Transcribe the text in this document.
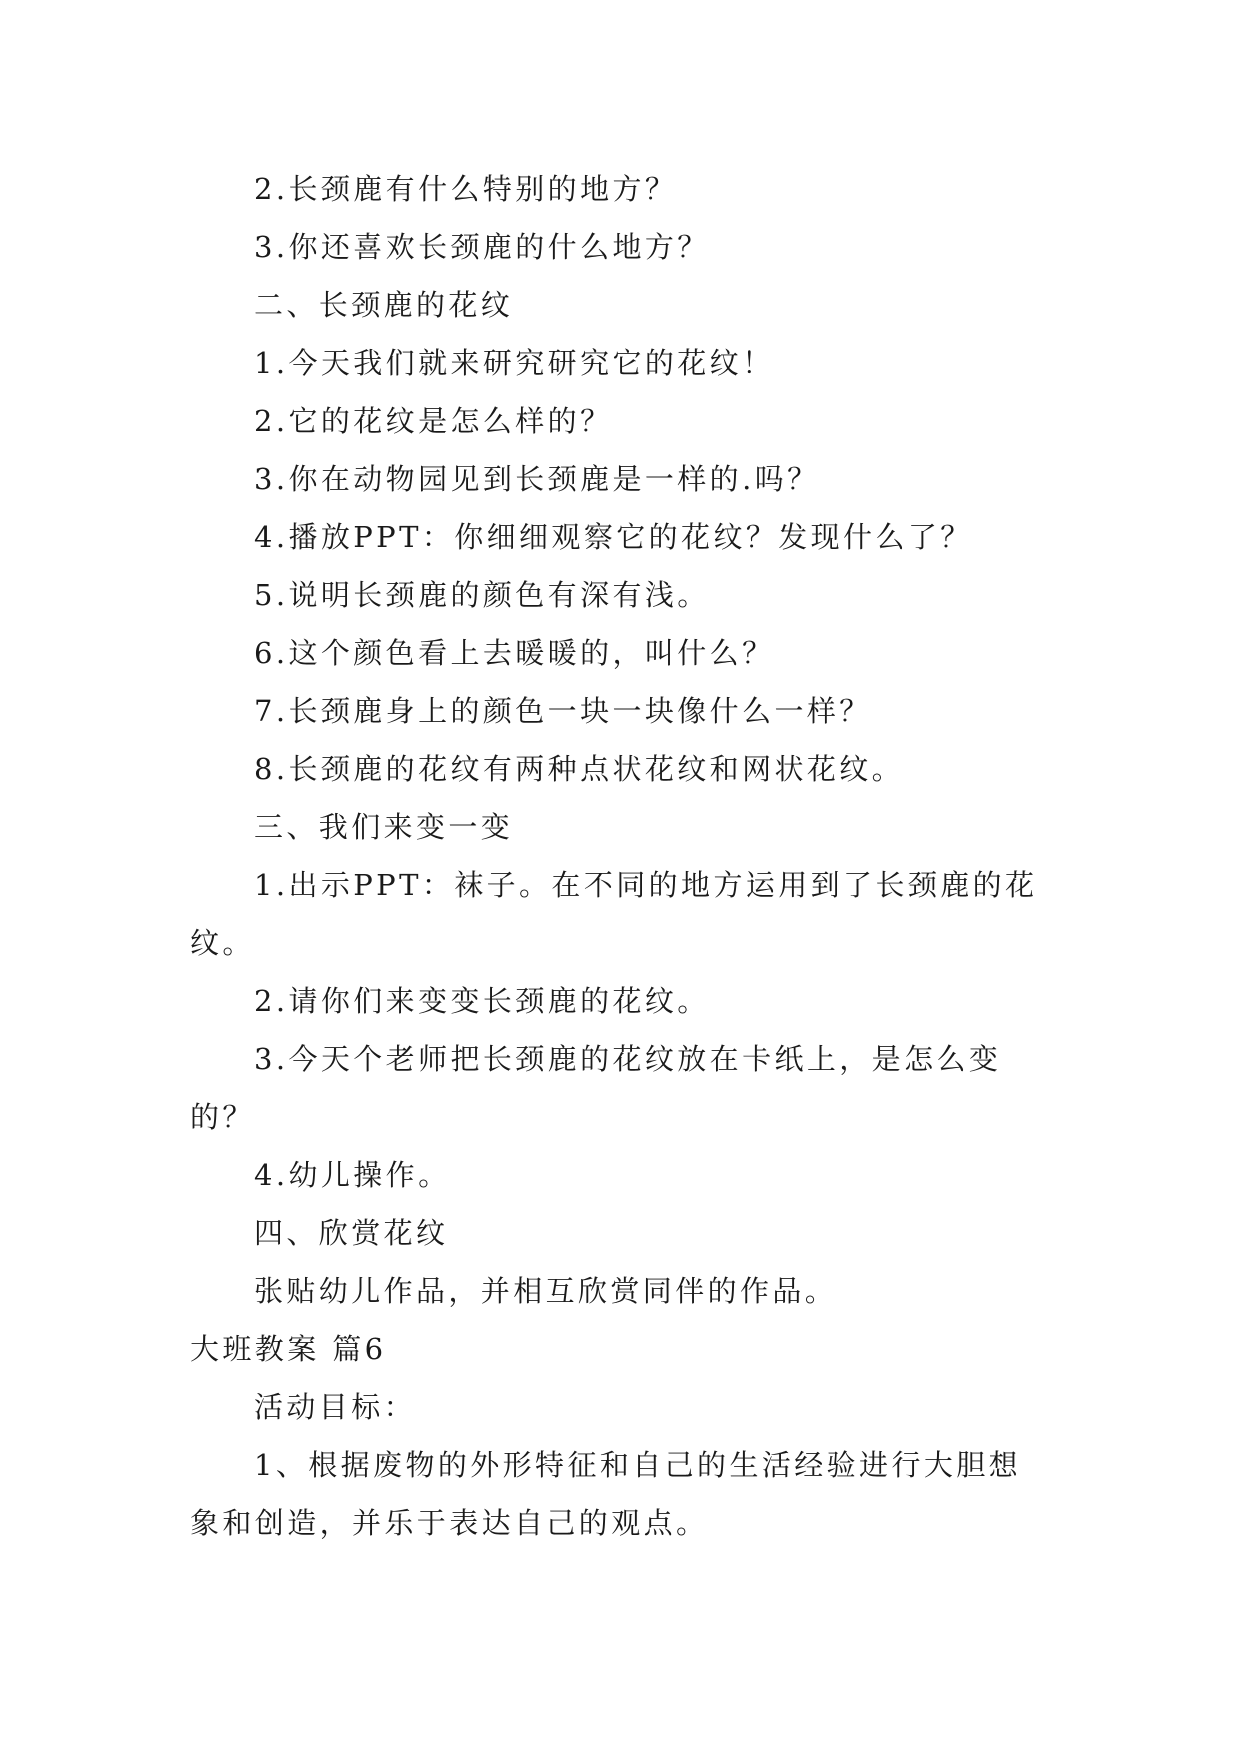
2.长颈鹿有什么特别的地方？

3.你还喜欢长颈鹿的什么地方？

二、长颈鹿的花纹

1.今天我们就来研究研究它的花纹！

2.它的花纹是怎么样的？

3.你在动物园见到长颈鹿是一样的.吗？

4.播放PPT：你细细观察它的花纹？发现什么了？

5.说明长颈鹿的颜色有深有浅。

6.这个颜色看上去暖暖的，叫什么？

7.长颈鹿身上的颜色一块一块像什么一样？

8.长颈鹿的花纹有两种点状花纹和网状花纹。

三、我们来变一变

1.出示PPT：袜子。在不同的地方运用到了长颈鹿的花纹。

2.请你们来变变长颈鹿的花纹。

3.今天个老师把长颈鹿的花纹放在卡纸上，是怎么变的？

4.幼儿操作。

四、欣赏花纹

张贴幼儿作品，并相互欣赏同伴的作品。

大班教案 篇6

活动目标：

1、根据废物的外形特征和自己的生活经验进行大胆想象和创造，并乐于表达自己的观点。
